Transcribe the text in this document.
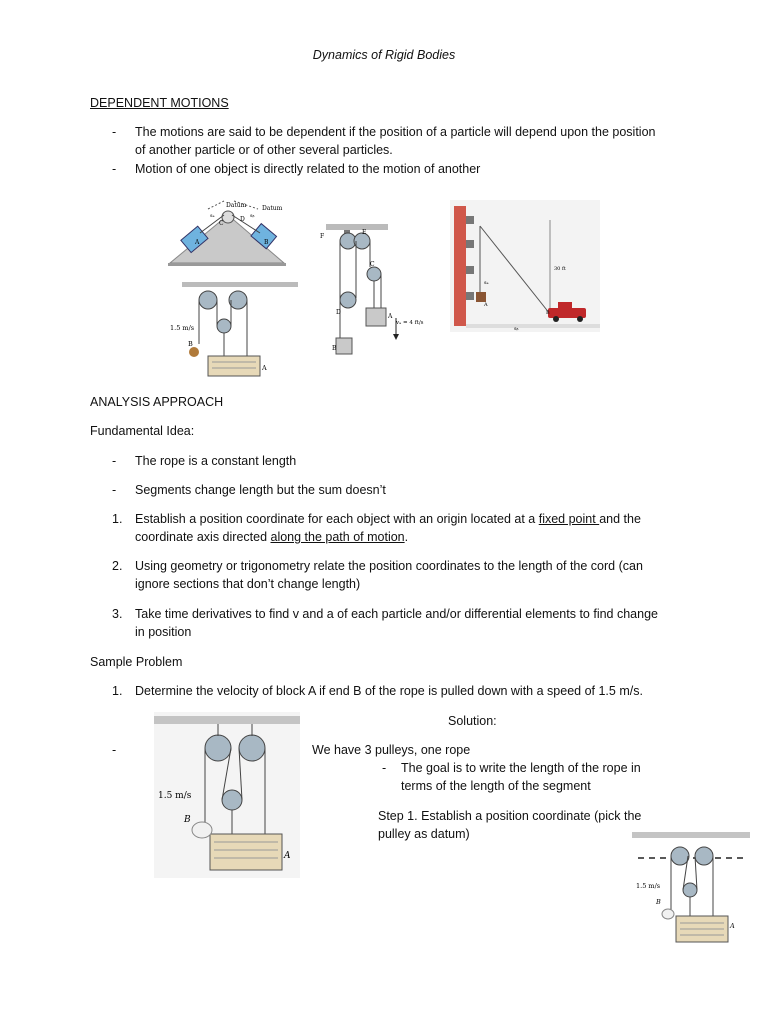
Dynamics of Rigid Bodies
DEPENDENT MOTIONS
- The motions are said to be dependent if the position of a particle will depend upon the position
of another particle or of other several particles.
- Motion of one object is directly related to the motion of another
Datum	Datum
A	B
D
C
sₐ	sᵦ
E
F
C
D
A
B
vₐ = 4 ft/s
30 ft
A
B
sₐ
sᵦ
1.5 m/s
B
A
ANALYSIS APPROACH
Fundamental Idea:
- The rope is a constant length
- Segments change length but the sum doesn’t
1. Establish a position coordinate for each object with an origin located at a fixed point and the
coordinate axis directed along the path of motion.
2. Using geometry or trigonometry relate the position coordinates to the length of the cord (can
ignore sections that don’t change length)
3. Take time derivatives to find v and a of each particle and/or differential elements to find change
in position
Sample Problem
1. Determine the velocity of block A if end B of the rope is pulled down with a speed of 1.5 m/s.
1.5 m/s
B
A
Solution:
-	We have 3 pulleys, one rope
- The goal is to write the length of the rope in
terms of the length of the segment
Step 1. Establish a position coordinate (pick the
pulley as datum)
1.5 m/s
B
A
